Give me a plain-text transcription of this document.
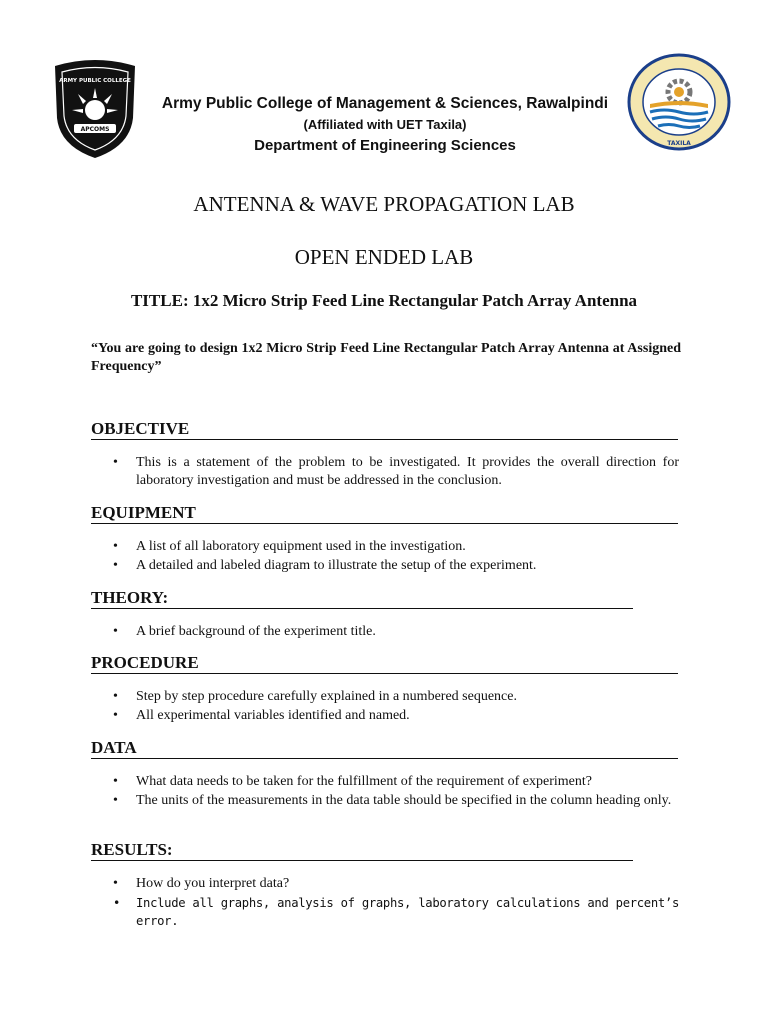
APCOMS
ARMY PUBLIC COLLEGE
TAXILA
Army Public College of Management & Sciences, Rawalpindi
(Affiliated with UET Taxila)
Department of Engineering Sciences
ANTENNA & WAVE PROPAGATION LAB
OPEN ENDED LAB
TITLE: 1x2 Micro Strip Feed Line Rectangular Patch Array Antenna
“You are going to design 1x2 Micro Strip Feed Line Rectangular Patch Array Antenna at Assigned Frequency”
OBJECTIVE
• This is a statement of the problem to be investigated. It provides the overall direction for laboratory investigation and must be addressed in the conclusion.
EQUIPMENT
• A list of all laboratory equipment used in the investigation.
• A detailed and labeled diagram to illustrate the setup of the experiment.
THEORY:
• A brief background of the experiment title.
PROCEDURE
• Step by step procedure carefully explained in a numbered sequence.
• All experimental variables identified and named.
DATA
• What data needs to be taken for the fulfillment of the requirement of experiment?
• The units of the measurements in the data table should be specified in the column heading only.
RESULTS:
• How do you interpret data?
• Include all graphs, analysis of graphs, laboratory calculations and percent’s error.
